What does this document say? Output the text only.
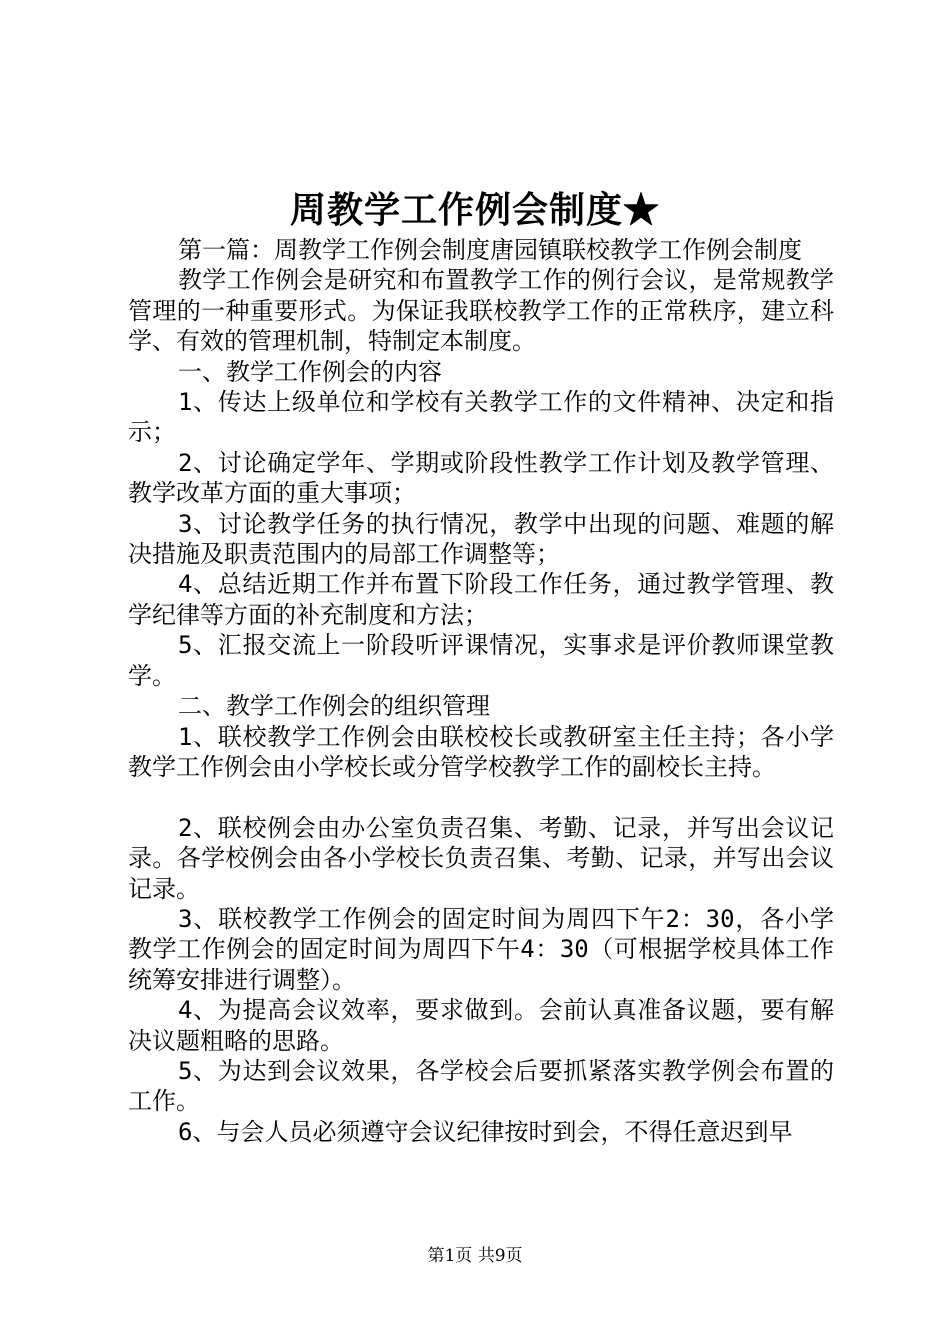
周教学工作例会制度★

第一篇：周教学工作例会制度唐园镇联校教学工作例会制度

教学工作例会是研究和布置教学工作的例行会议，是常规教学管理的一种重要形式。为保证我联校教学工作的正常秩序，建立科学、有效的管理机制，特制定本制度。

一、教学工作例会的内容

1、传达上级单位和学校有关教学工作的文件精神、决定和指示；

2、讨论确定学年、学期或阶段性教学工作计划及教学管理、教学改革方面的重大事项；

3、讨论教学任务的执行情况，教学中出现的问题、难题的解决措施及职责范围内的局部工作调整等；

4、总结近期工作并布置下阶段工作任务，通过教学管理、教学纪律等方面的补充制度和方法；

5、汇报交流上一阶段听评课情况，实事求是评价教师课堂教学。

二、教学工作例会的组织管理

1、联校教学工作例会由联校校长或教研室主任主持；各小学教学工作例会由小学校长或分管学校教学工作的副校长主持。

2、联校例会由办公室负责召集、考勤、记录，并写出会议记录。各学校例会由各小学校长负责召集、考勤、记录，并写出会议记录。

3、联校教学工作例会的固定时间为周四下午2：30，各小学教学工作例会的固定时间为周四下午4：30（可根据学校具体工作统筹安排进行调整）。

4、为提高会议效率，要求做到。会前认真准备议题，要有解决议题粗略的思路。

5、为达到会议效果，各学校会后要抓紧落实教学例会布置的工作。

6、与会人员必须遵守会议纪律按时到会，不得任意迟到早

第1页 共9页
